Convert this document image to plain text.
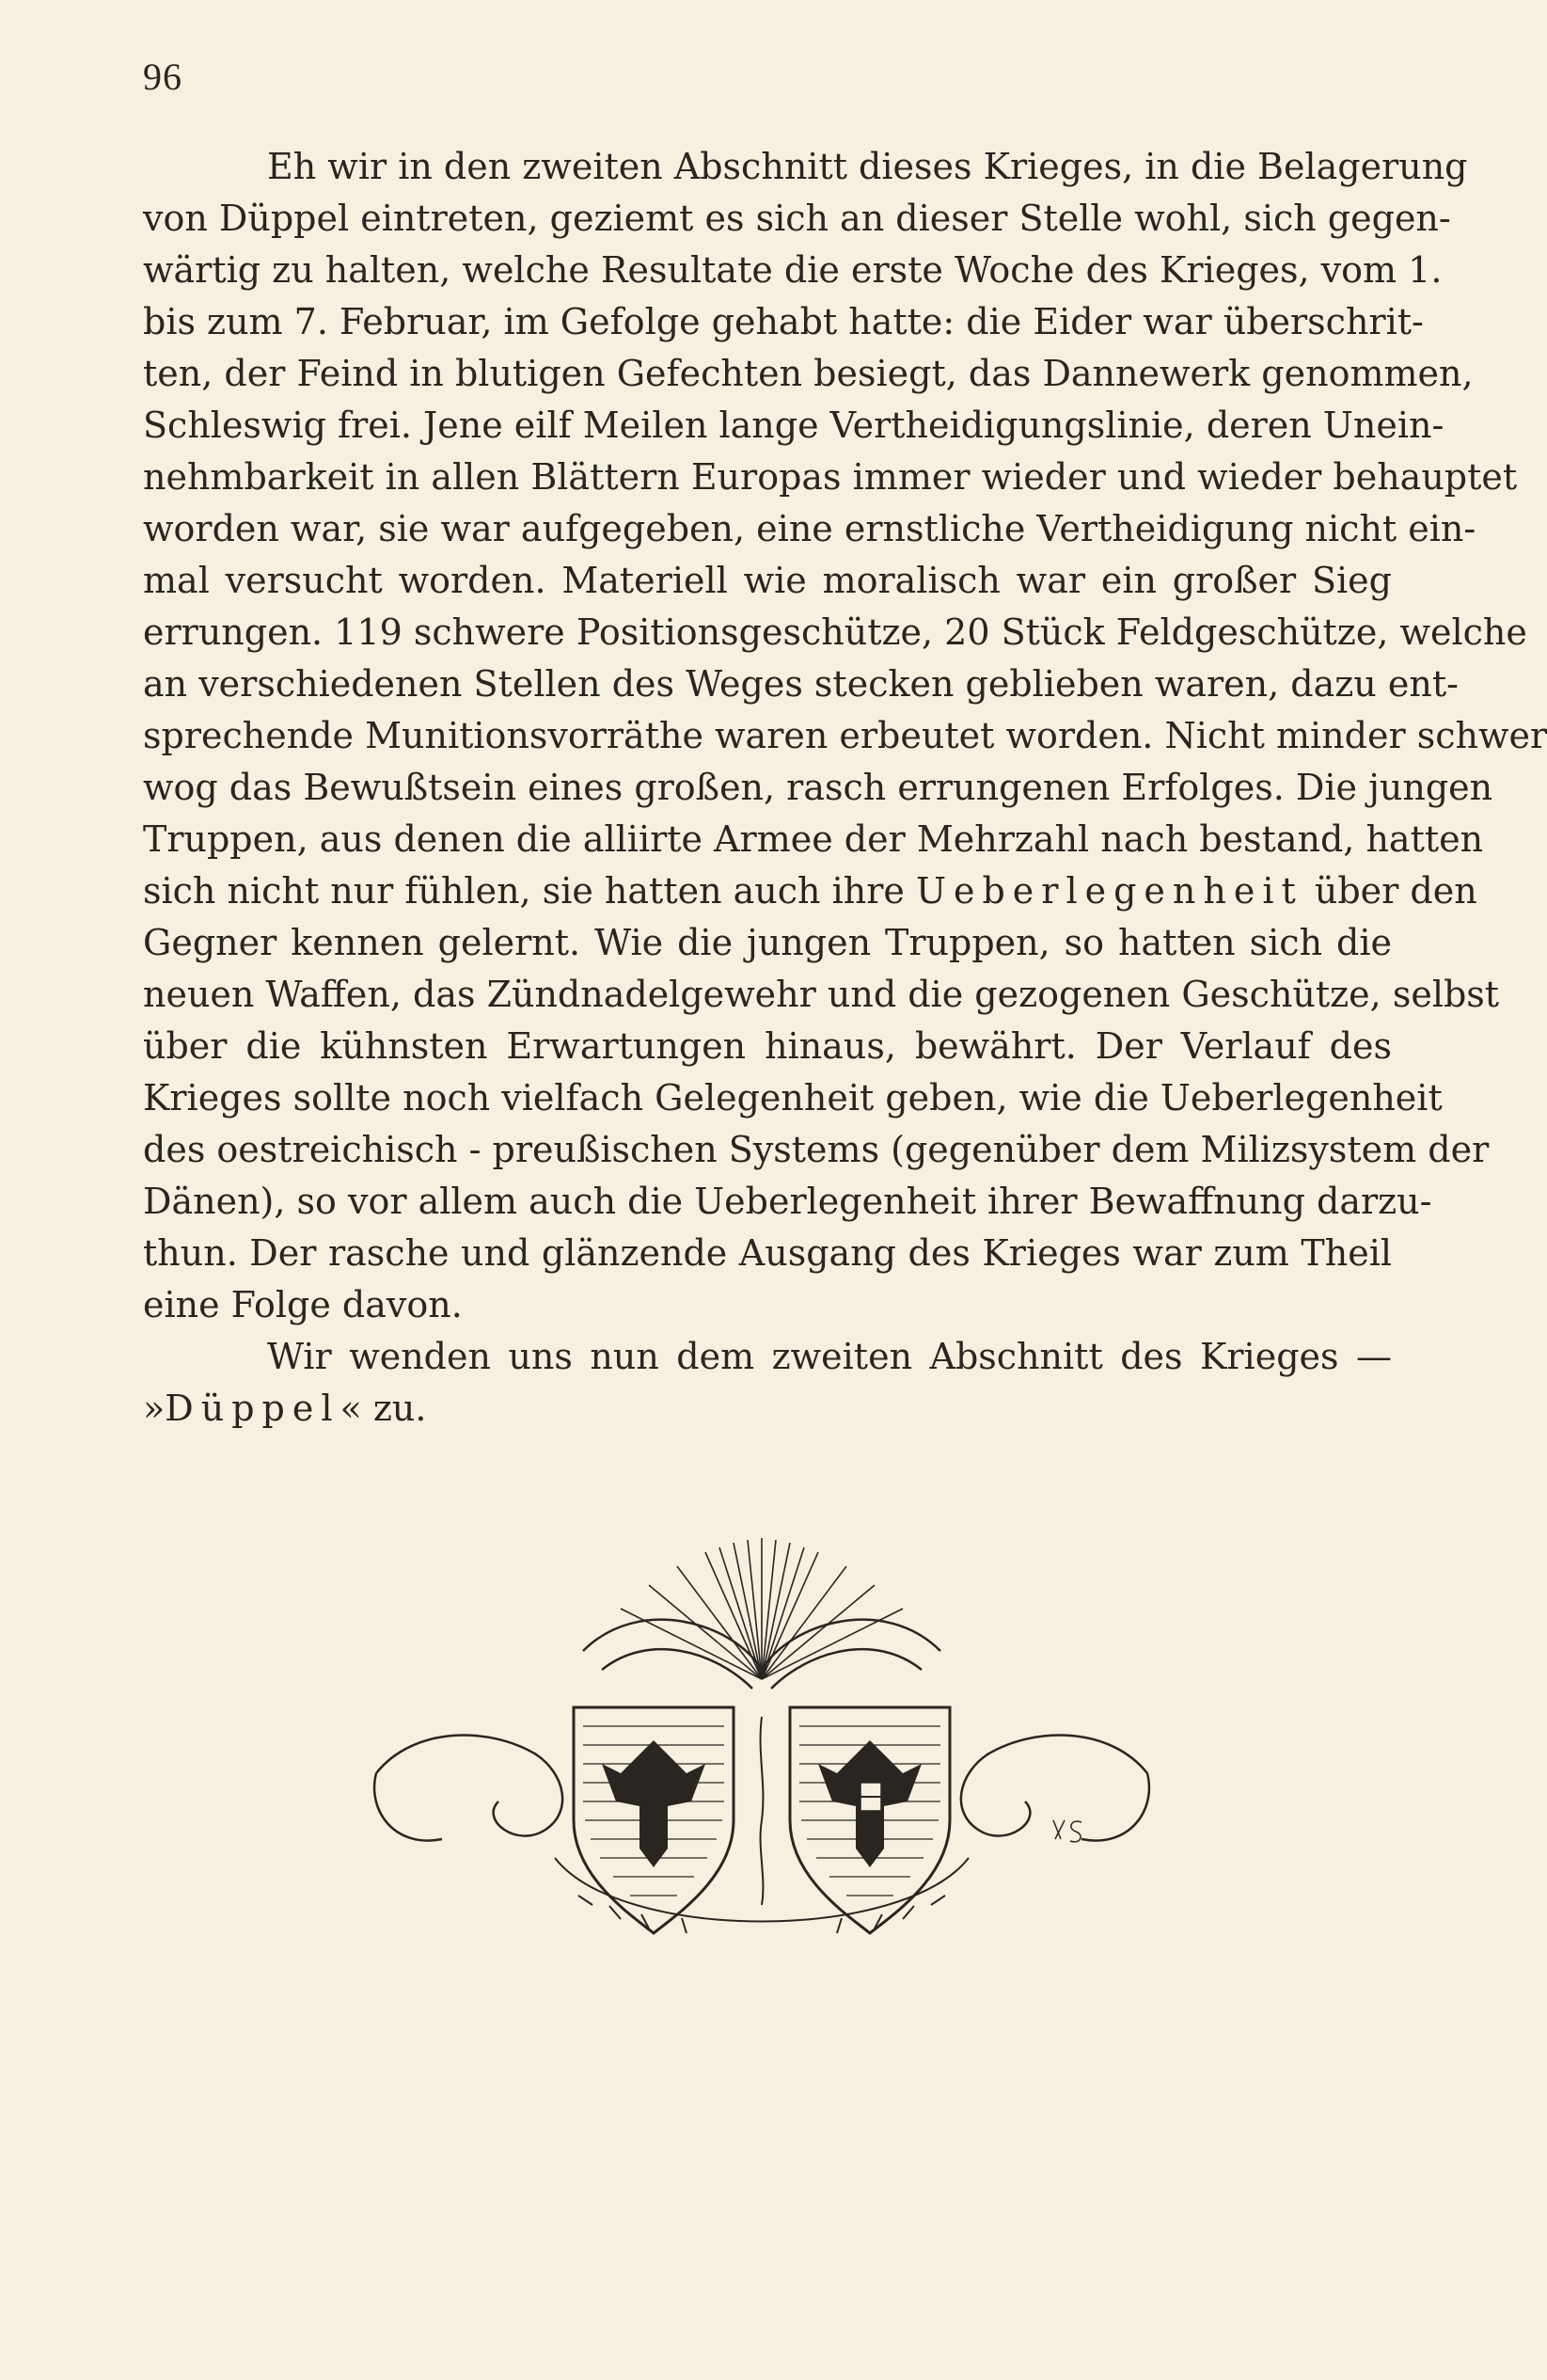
96
Eh wir in den zweiten Abschnitt dieses Krieges, in die Belagerung
von Düppel eintreten, geziemt es sich an dieser Stelle wohl, sich gegen-
wärtig zu halten, welche Resultate die erste Woche des Krieges, vom 1.
bis zum 7. Februar, im Gefolge gehabt hatte: die Eider war überschrit-
ten, der Feind in blutigen Gefechten besiegt, das Dannewerk genommen,
Schleswig frei. Jene eilf Meilen lange Vertheidigungslinie, deren Unein-
nehmbarkeit in allen Blättern Europas immer wieder und wieder behauptet
worden war, sie war aufgegeben, eine ernstliche Vertheidigung nicht ein-
mal versucht worden. Materiell wie moralisch war ein großer Sieg
errungen. 119 schwere Positionsgeschütze, 20 Stück Feldgeschütze, welche
an verschiedenen Stellen des Weges stecken geblieben waren, dazu ent-
sprechende Munitionsvorräthe waren erbeutet worden. Nicht minder schwer
wog das Bewußtsein eines großen, rasch errungenen Erfolges. Die jungen
Truppen, aus denen die alliirte Armee der Mehrzahl nach bestand, hatten
sich nicht nur fühlen, sie hatten auch ihre Ueberlegenheit über den
Gegner kennen gelernt. Wie die jungen Truppen, so hatten sich die
neuen Waffen, das Zündnadelgewehr und die gezogenen Geschütze, selbst
über die kühnsten Erwartungen hinaus, bewährt. Der Verlauf des
Krieges sollte noch vielfach Gelegenheit geben, wie die Ueberlegenheit
des oestreichisch - preußischen Systems (gegenüber dem Milizsystem der
Dänen), so vor allem auch die Ueberlegenheit ihrer Bewaffnung darzu-
thun. Der rasche und glänzende Ausgang des Krieges war zum Theil
eine Folge davon.
Wir wenden uns nun dem zweiten Abschnitt des Krieges —
»Düppel« zu.
